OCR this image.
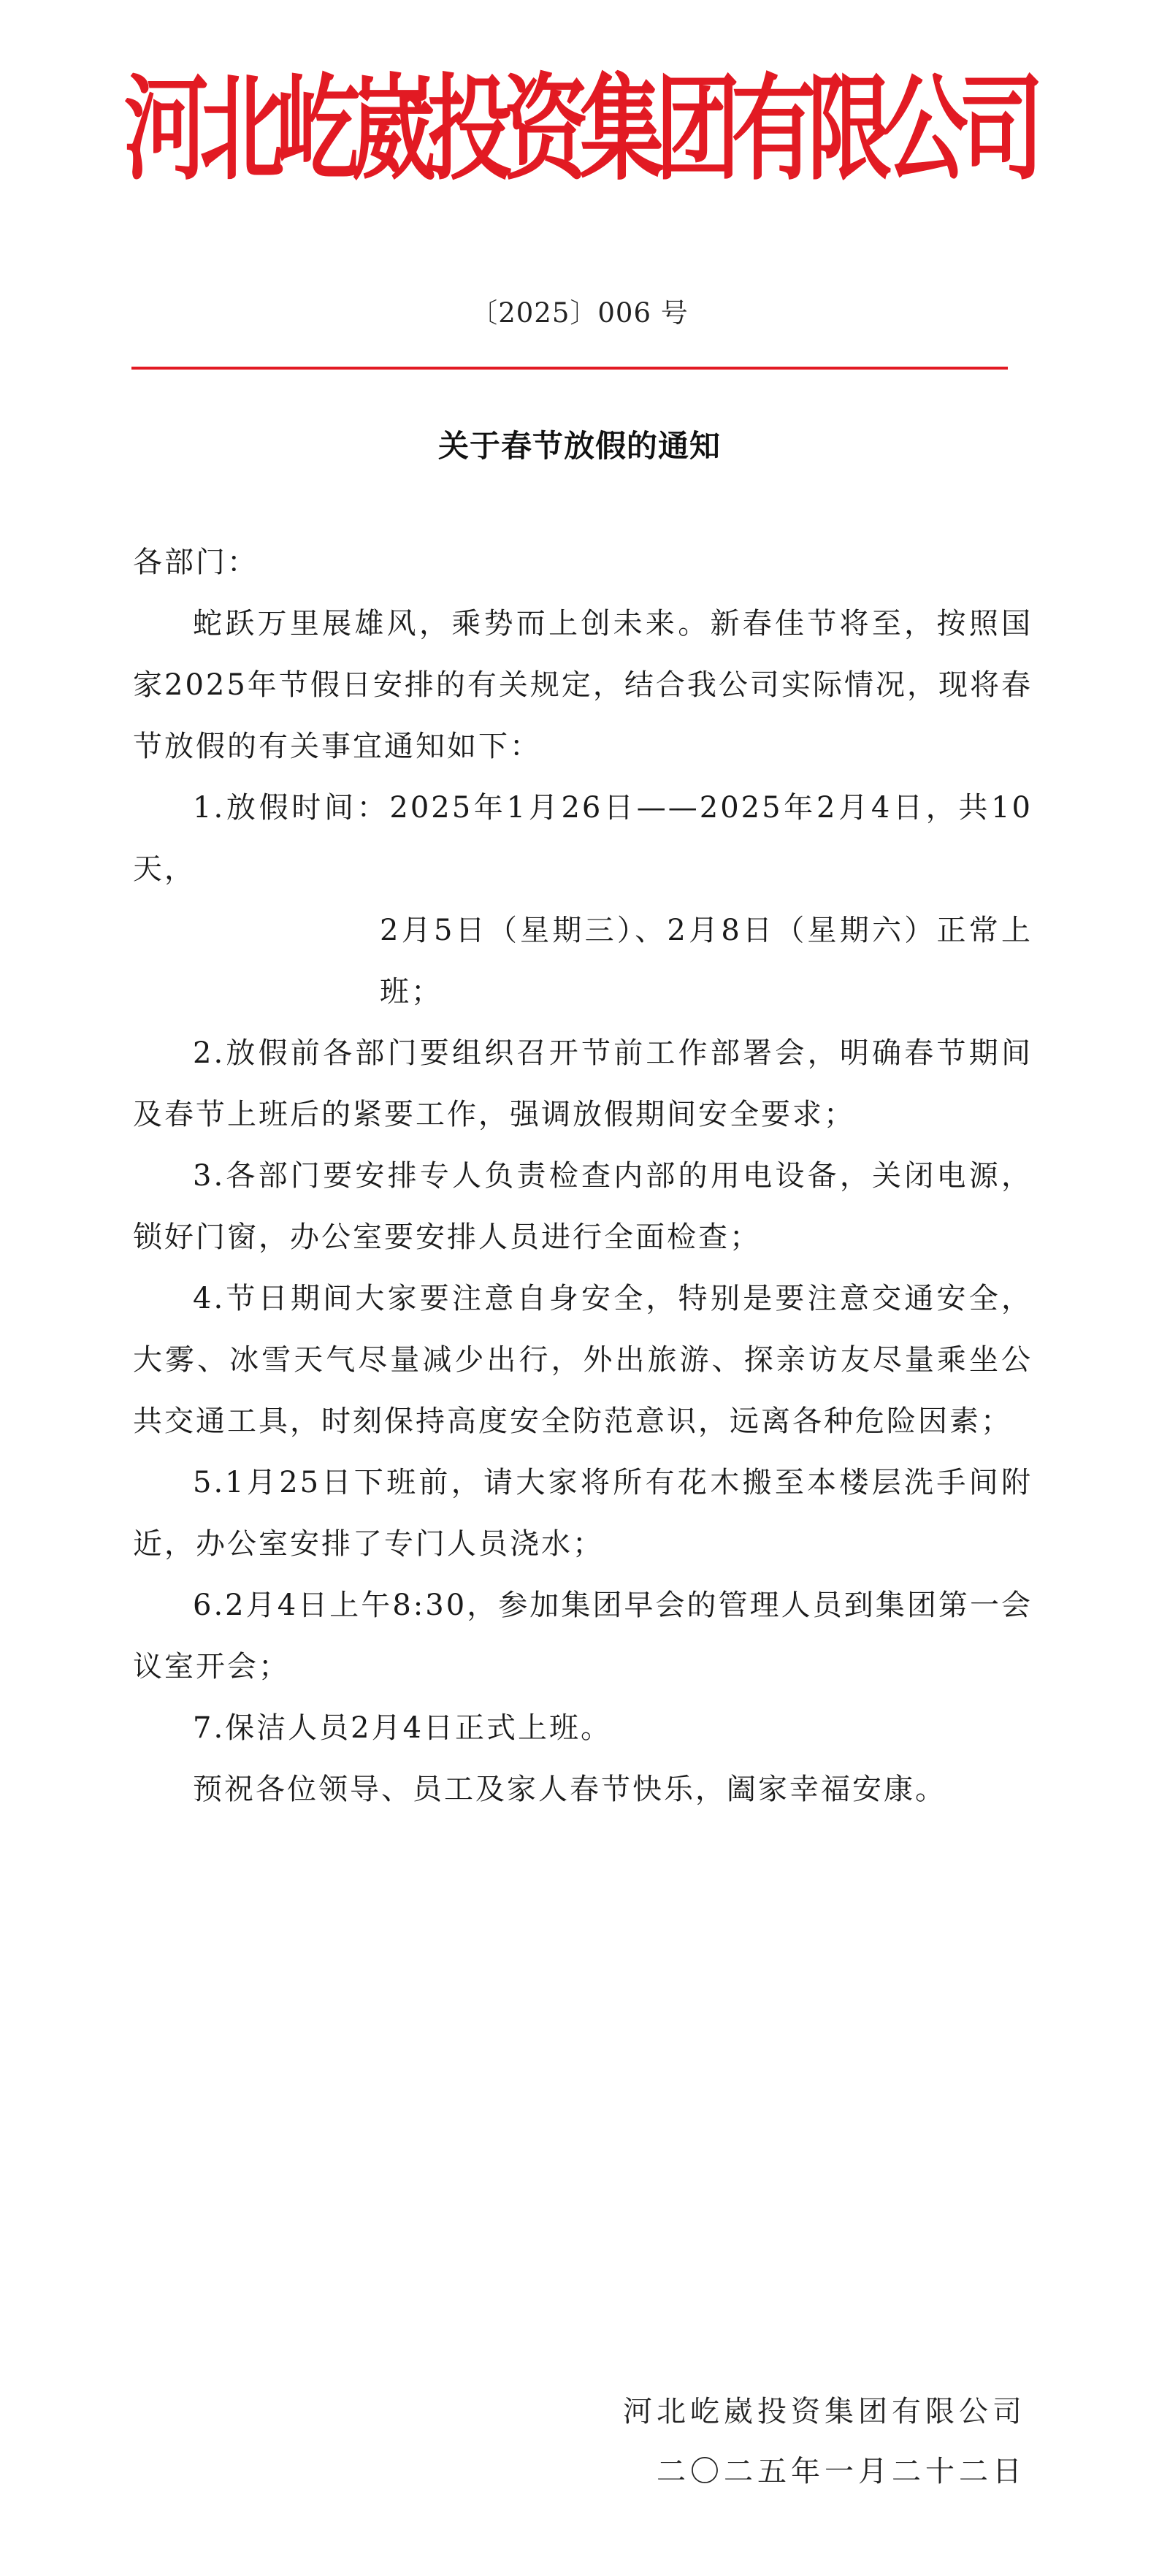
河北屹崴投资集团有限公司
〔2025〕006 号
关于春节放假的通知

各部门：

蛇跃万里展雄风，乘势而上创未来。新春佳节将至，按照国家2025年节假日安排的有关规定，结合我公司实际情况，现将春节放假的有关事宜通知如下：

1.放假时间：2025年1月26日——2025年2月4日，共10天，

2月5日（星期三）、2月8日（星期六）正常上班；

2.放假前各部门要组织召开节前工作部署会，明确春节期间及春节上班后的紧要工作，强调放假期间安全要求；

3.各部门要安排专人负责检查内部的用电设备，关闭电源，锁好门窗，办公室要安排人员进行全面检查；

4.节日期间大家要注意自身安全，特别是要注意交通安全，大雾、冰雪天气尽量减少出行，外出旅游、探亲访友尽量乘坐公共交通工具，时刻保持高度安全防范意识，远离各种危险因素；

5.1月25日下班前，请大家将所有花木搬至本楼层洗手间附近，办公室安排了专门人员浇水；

6.2月4日上午8:30，参加集团早会的管理人员到集团第一会议室开会；

7.保洁人员2月4日正式上班。

预祝各位领导、员工及家人春节快乐，阖家幸福安康。

河北屹崴投资集团有限公司
二〇二五年一月二十二日
